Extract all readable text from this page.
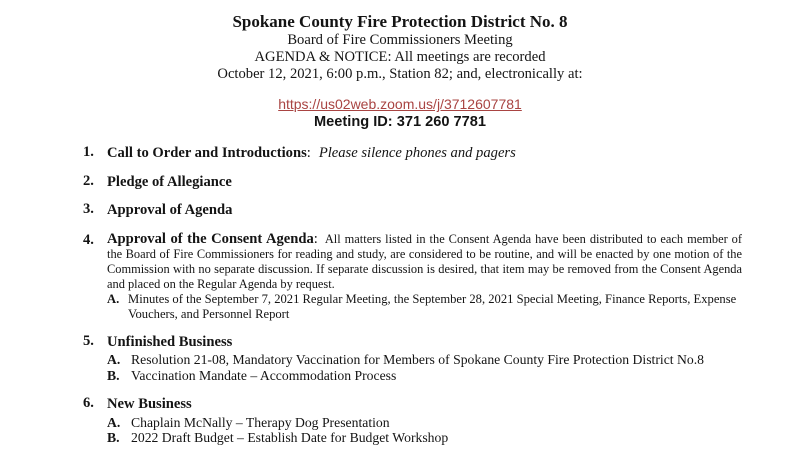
Spokane County Fire Protection District No. 8
Board of Fire Commissioners Meeting
AGENDA & NOTICE: All meetings are recorded
October 12, 2021, 6:00 p.m., Station 82; and, electronically at:
https://us02web.zoom.us/j/3712607781
Meeting ID: 371 260 7781
1. Call to Order and Introductions: Please silence phones and pagers
2. Pledge of Allegiance
3. Approval of Agenda
4. Approval of the Consent Agenda: All matters listed in the Consent Agenda have been distributed to each member of the Board of Fire Commissioners for reading and study, are considered to be routine, and will be enacted by one motion of the Commission with no separate discussion. If separate discussion is desired, that item may be removed from the Consent Agenda and placed on the Regular Agenda by request.

A. Minutes of the September 7, 2021 Regular Meeting, the September 28, 2021 Special Meeting, Finance Reports, Expense Vouchers, and Personnel Report
5. Unfinished Business
A. Resolution 21-08, Mandatory Vaccination for Members of Spokane County Fire Protection District No.8
B. Vaccination Mandate – Accommodation Process
6. New Business
A. Chaplain McNally – Therapy Dog Presentation
B. 2022 Draft Budget – Establish Date for Budget Workshop
